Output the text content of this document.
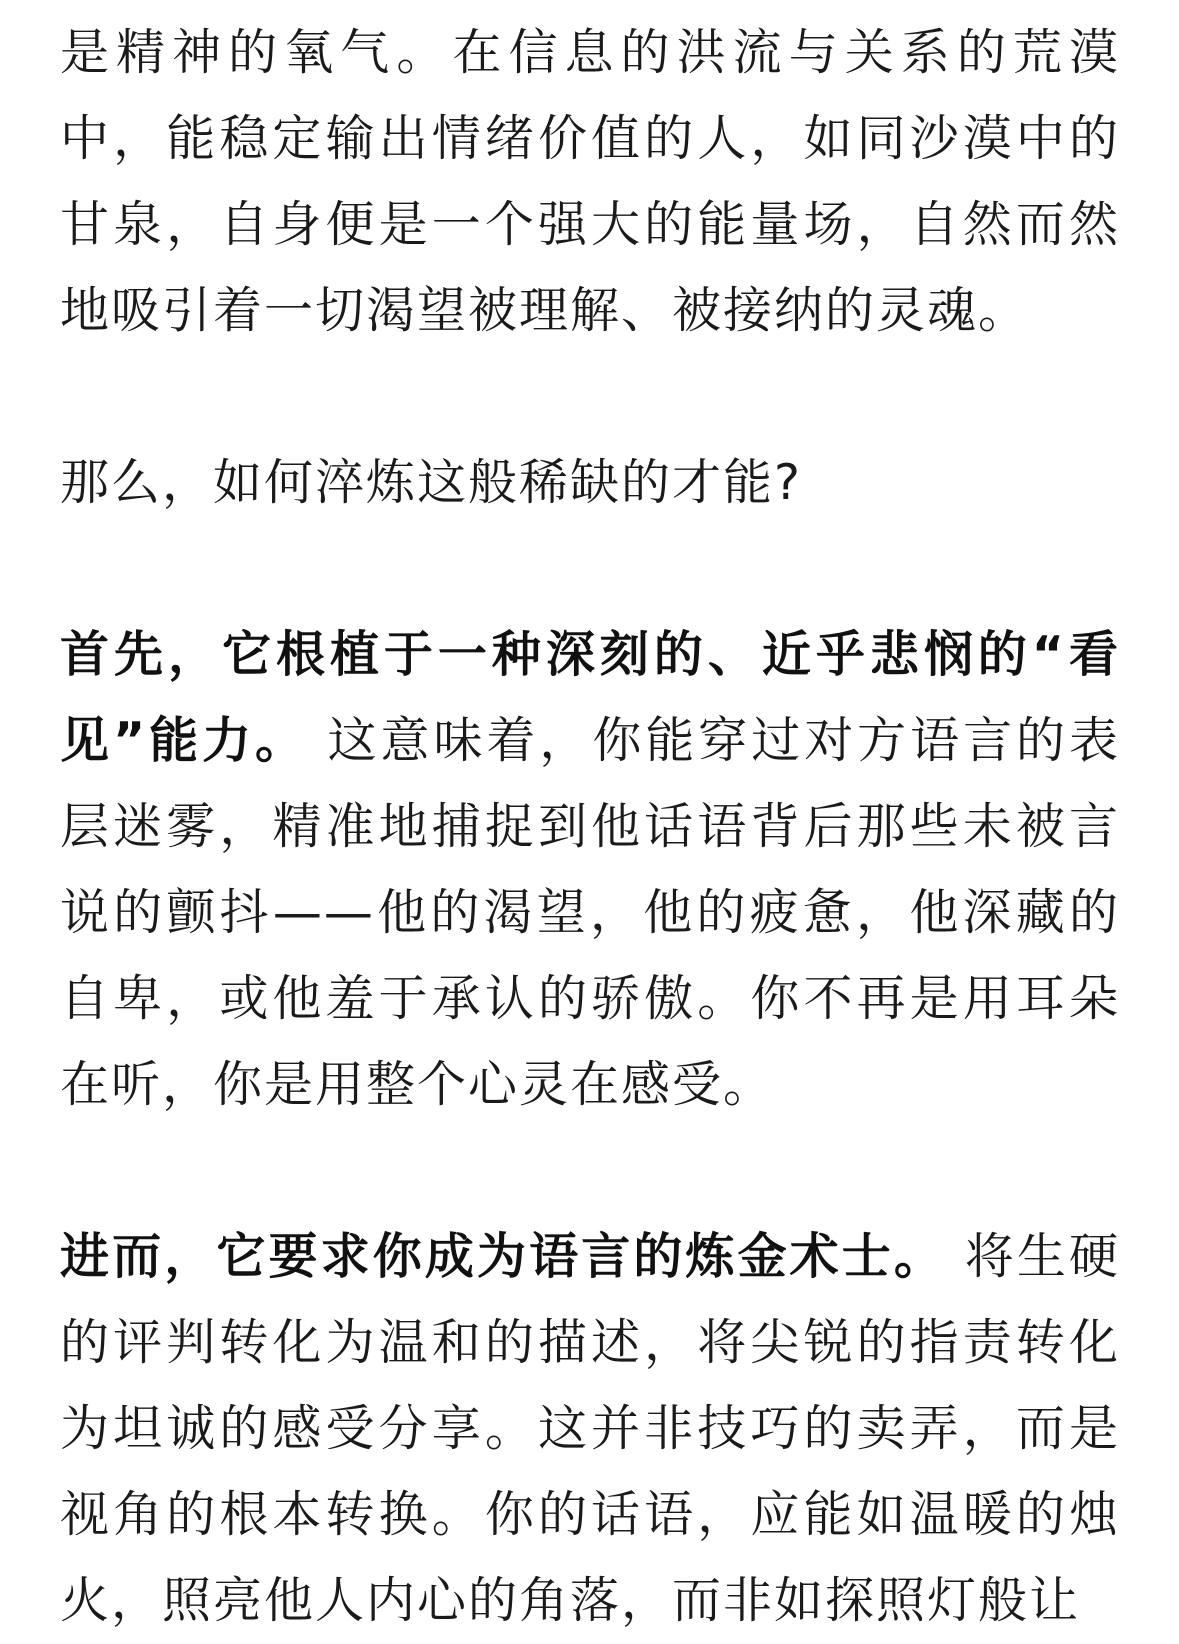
是精神的氧气。在信息的洪流与关系的荒漠中，能稳定输出情绪价值的人，如同沙漠中的甘泉，自身便是一个强大的能量场，自然而然地吸引着一切渴望被理解、被接纳的灵魂。

那么，如何淬炼这般稀缺的才能?

首先，它根植于一种深刻的、近乎悲悯的“看见”能力。 这意味着，你能穿过对方语言的表层迷雾，精准地捕捉到他话语背后那些未被言说的颤抖——他的渴望，他的疲惫，他深藏的自卑，或他羞于承认的骄傲。你不再是用耳朵在听，你是用整个心灵在感受。

进而，它要求你成为语言的炼金术士。 将生硬的评判转化为温和的描述，将尖锐的指责转化为坦诚的感受分享。这并非技巧的卖弄，而是视角的根本转换。你的话语，应能如温暖的烛火，照亮他人内心的角落，而非如探照灯般让
